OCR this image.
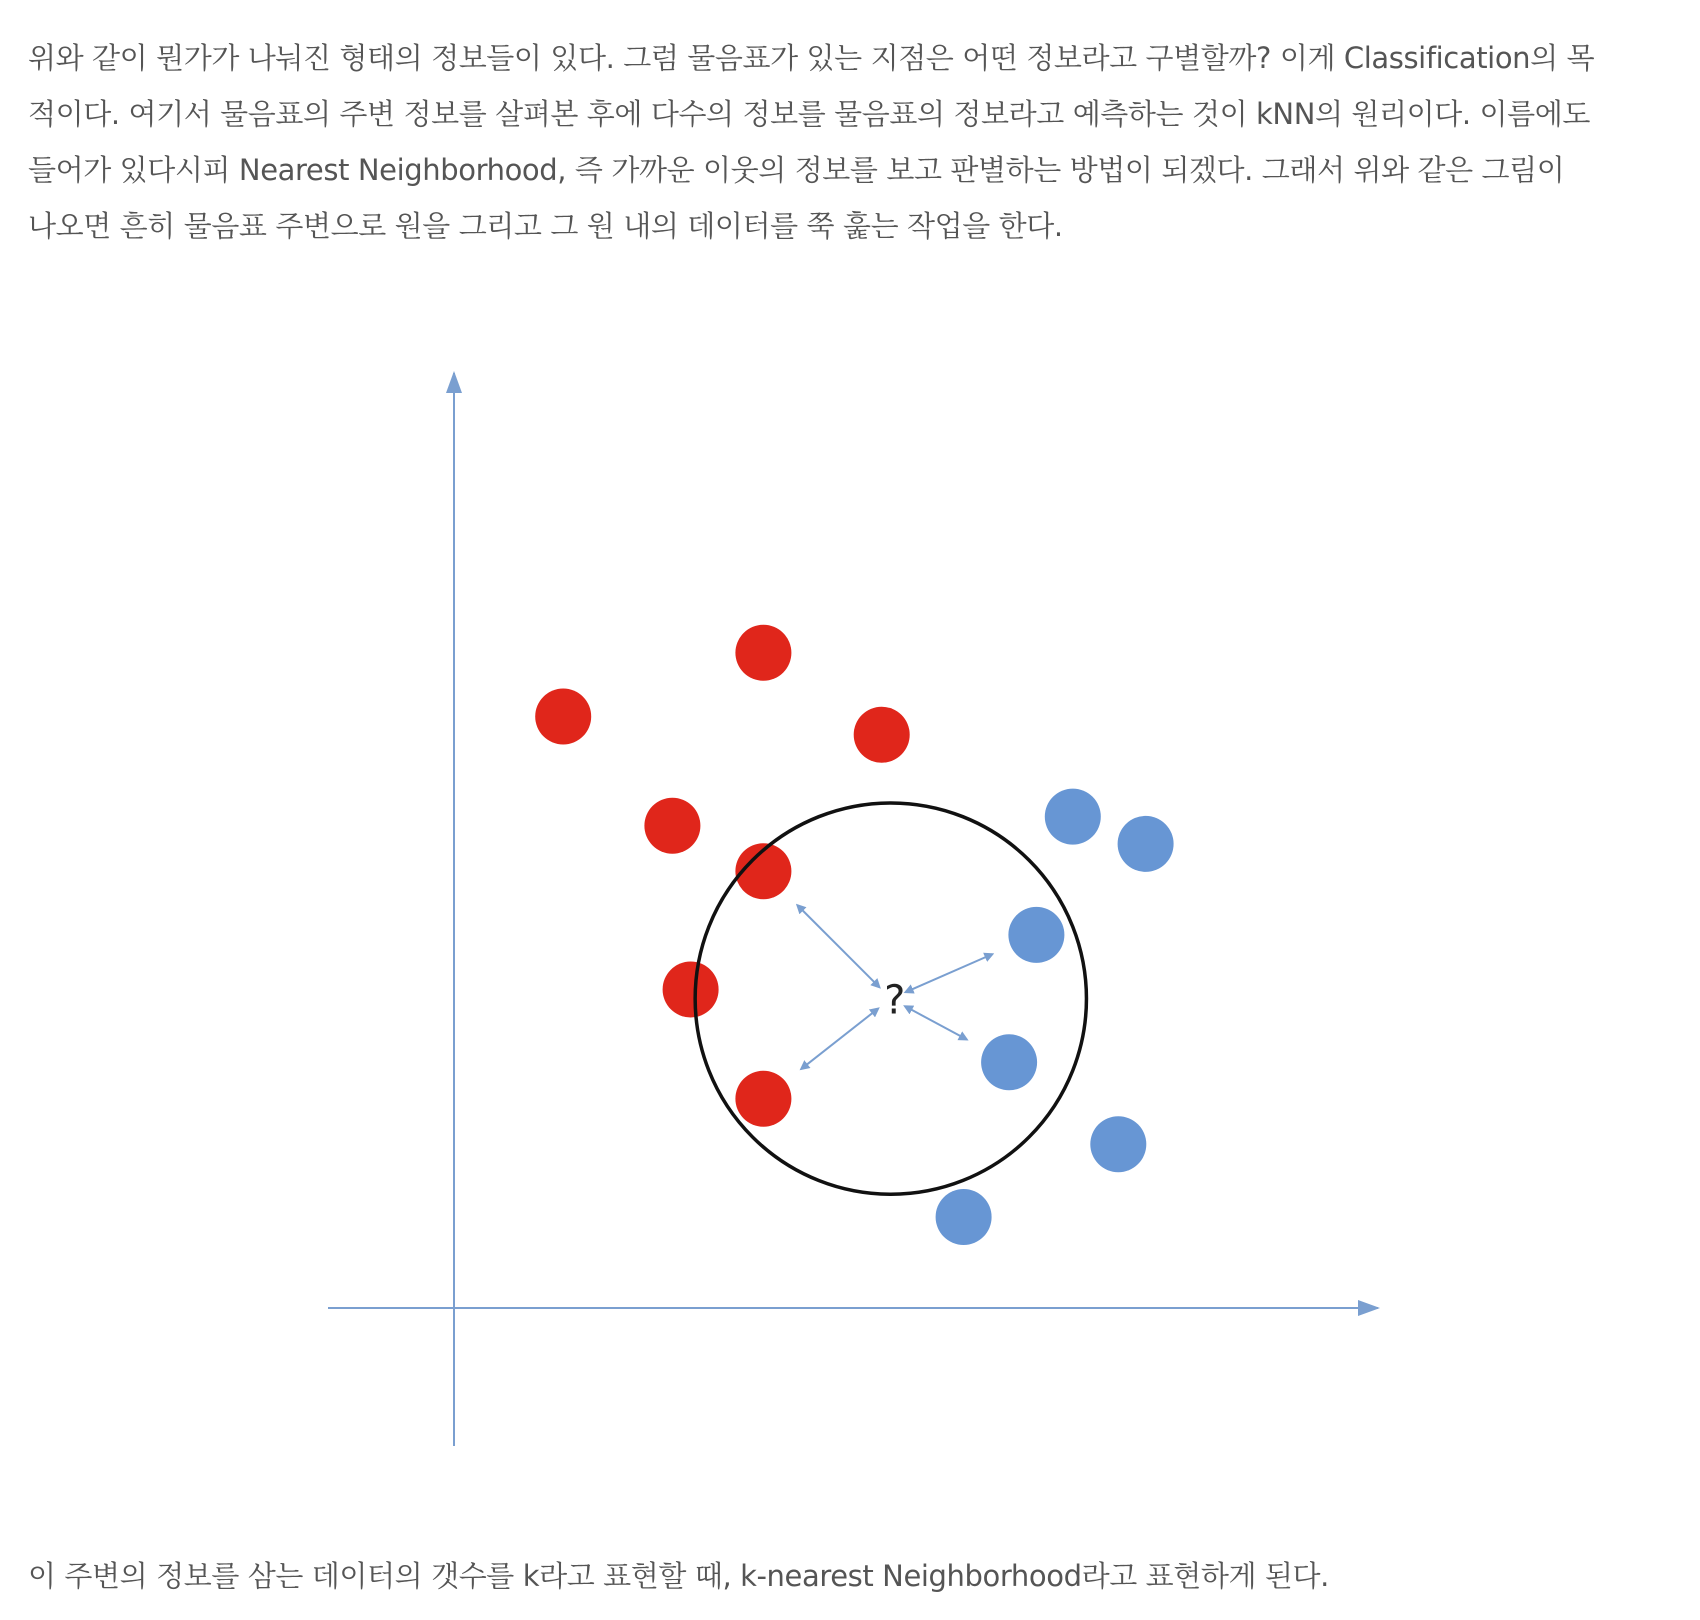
위와 같이 뭔가가 나눠진 형태의 정보들이 있다. 그럼 물음표가 있는 지점은 어떤 정보라고 구별할까? 이게 Classification의 목
적이다. 여기서 물음표의 주변 정보를 살펴본 후에 다수의 정보를 물음표의 정보라고 예측하는 것이 kNN의 원리이다. 이름에도
들어가 있다시피 Nearest Neighborhood, 즉 가까운 이웃의 정보를 보고 판별하는 방법이 되겠다. 그래서 위와 같은 그림이
나오면 흔히 물음표 주변으로 원을 그리고 그 원 내의 데이터를 쭉 훑는 작업을 한다.
?

이 주변의 정보를 삼는 데이터의 갯수를 k라고 표현할 때, k-nearest Neighborhood라고 표현하게 된다.
